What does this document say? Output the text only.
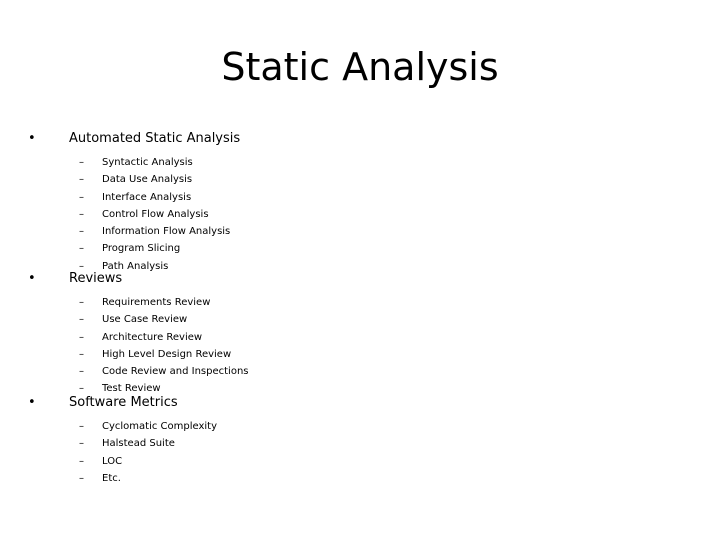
Static Analysis
•	Automated Static Analysis
– Syntactic Analysis
– Data Use Analysis
– Interface Analysis
– Control Flow Analysis
– Information Flow Analysis
– Program Slicing
– Path Analysis
•	Reviews
– Requirements Review
– Use Case Review
– Architecture Review
– High Level Design Review
– Code Review and Inspections
– Test Review
•	Software Metrics
– Cyclomatic Complexity
– Halstead Suite
– LOC
– Etc.
